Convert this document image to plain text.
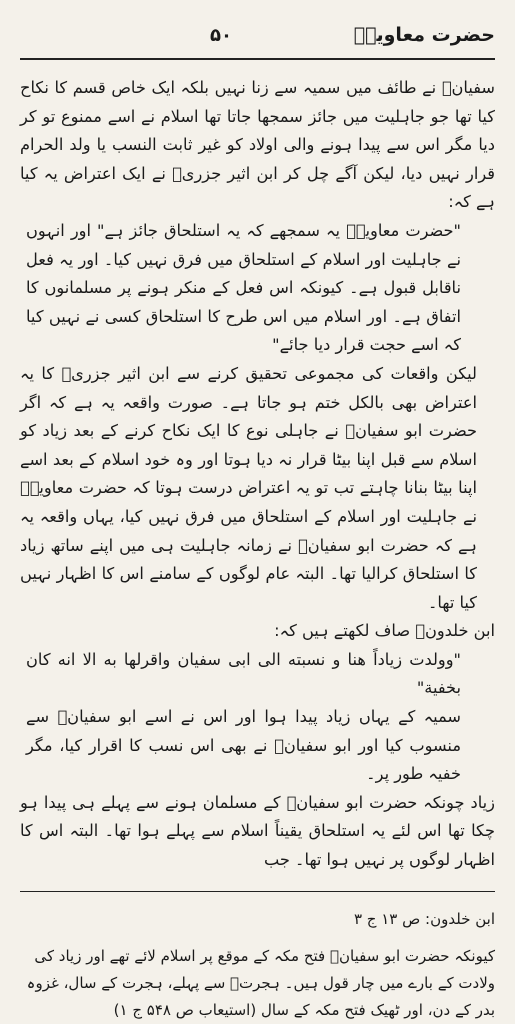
حضرت معاویہؓ
۵۰

سفیانؓ نے طائف میں سمیہ سے زنا نہیں بلکہ ایک خاص قسم کا نکاح کیا تھا جو جاہلیت میں جائز سمجھا جاتا تھا اسلام نے اسے ممنوع تو کر دیا مگر اس سے پیدا ہونے والی اولاد کو غیر ثابت النسب یا ولد الحرام قرار نہیں دیا، لیکن آگے چل کر ابن اثیر جزریؒ نے ایک اعتراض یہ کیا ہے کہ:

"حضرت معاویہؓ یہ سمجھے کہ یہ استلحاق جائز ہے" اور انہوں نے جاہلیت اور اسلام کے استلحاق میں فرق نہیں کیا۔ اور یہ فعل ناقابل قبول ہے۔ کیونکہ اس فعل کے منکر ہونے پر مسلمانوں کا اتفاق ہے۔ اور اسلام میں اس طرح کا استلحاق کسی نے نہیں کیا کہ اسے حجت قرار دیا جائے"

لیکن واقعات کی مجموعی تحقیق کرنے سے ابن اثیر جزریؒ کا یہ اعتراض بھی بالکل ختم ہو جاتا ہے۔ صورت واقعہ یہ ہے کہ اگر حضرت ابو سفیانؓ نے جاہلی نوع کا ایک نکاح کرنے کے بعد زیاد کو اسلام سے قبل اپنا بیٹا قرار نہ دیا ہوتا اور وہ خود اسلام کے بعد اسے اپنا بیٹا بنانا چاہتے تب تو یہ اعتراض درست ہوتا کہ حضرت معاویہؓ نے جاہلیت اور اسلام کے استلحاق میں فرق نہیں کیا، یہاں واقعہ یہ ہے کہ حضرت ابو سفیانؓ نے زمانہ جاہلیت ہی میں اپنے ساتھ زیاد کا استلحاق کرالیا تھا۔ البتہ عام لوگوں کے سامنے اس کا اظہار نہیں کیا تھا۔

ابن خلدونؒ صاف لکھتے ہیں کہ:

"وولدت زياداً هنا و نسبته الى ابى سفيان واقرلها به الا انه كان بخفية"

سمیہ کے یہاں زیاد پیدا ہوا اور اس نے اسے ابو سفیانؓ سے منسوب کیا اور ابو سفیانؓ نے بھی اس نسب کا اقرار کیا، مگر خفیہ طور پر۔

زیاد چونکہ حضرت ابو سفیانؓ کے مسلمان ہونے سے پہلے ہی پیدا ہو چکا تھا اس لئے یہ استلحاق یقیناً اسلام سے پہلے ہوا تھا۔ البتہ اس کا اظہار لوگوں پر نہیں ہوا تھا۔ جب

ابن خلدون: ص ۱۳ ج ۳

کیونکہ حضرت ابو سفیانؓ فتح مکہ کے موقع پر اسلام لائے تھے اور زیاد کی ولادت کے بارے میں چار قول ہیں۔ ہجرتؐ سے پہلے، ہجرت کے سال، غزوہ بدر کے دن، اور ٹھیک فتح مکہ کے سال (استیعاب ص ۵۴۸ ج ۱)
